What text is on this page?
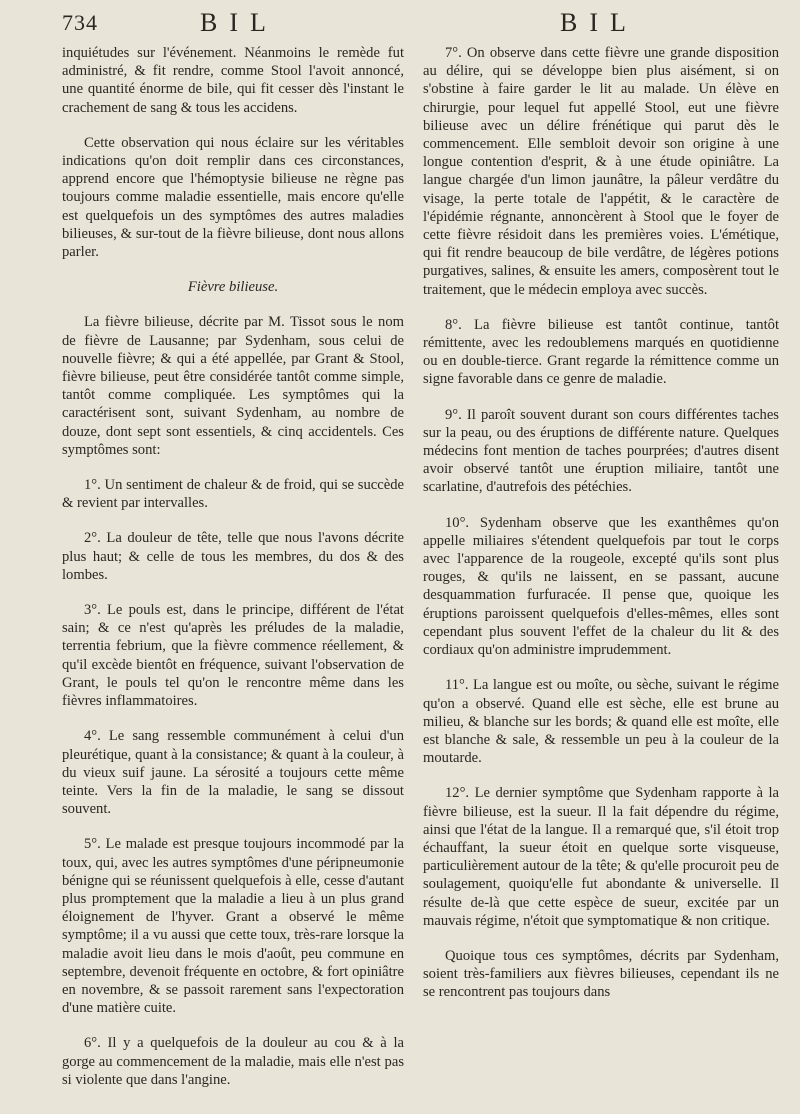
734	BIL	BIL

inquiétudes sur l'événement. Néanmoins le remède fut administré, & fit rendre, comme Stool l'avoit annoncé, une quantité énorme de bile, qui fit cesser dès l'instant le crachement de sang & tous les accidens.

Cette observation qui nous éclaire sur les véritables indications qu'on doit remplir dans ces circonstances, apprend encore que l'hémoptysie bilieuse ne règne pas toujours comme maladie essentielle, mais encore qu'elle est quelquefois un des symptômes des autres maladies bilieuses, & sur-tout de la fièvre bilieuse, dont nous allons parler.

Fièvre bilieuse.

La fièvre bilieuse, décrite par M. Tissot sous le nom de fièvre de Lausanne; par Sydenham, sous celui de nouvelle fièvre; & qui a été appellée, par Grant & Stool, fièvre bilieuse, peut être considérée tantôt comme simple, tantôt comme compliquée. Les symptômes qui la caractérisent sont, suivant Sydenham, au nombre de douze, dont sept sont essentiels, & cinq accidentels. Ces symptômes sont:

1°. Un sentiment de chaleur & de froid, qui se succède & revient par intervalles.

2°. La douleur de tête, telle que nous l'avons décrite plus haut; & celle de tous les membres, du dos & des lombes.

3°. Le pouls est, dans le principe, différent de l'état sain; & ce n'est qu'après les préludes de la maladie, terrentia febrium, que la fièvre commence réellement, & qu'il excède bientôt en fréquence, suivant l'observation de Grant, le pouls tel qu'on le rencontre même dans les fièvres inflammatoires.

4°. Le sang ressemble communément à celui d'un pleurétique, quant à la consistance; & quant à la couleur, à du vieux suif jaune. La sérosité a toujours cette même teinte. Vers la fin de la maladie, le sang se dissout souvent.

5°. Le malade est presque toujours incommodé par la toux, qui, avec les autres symptômes d'une péripneumonie bénigne qui se réunissent quelquefois à elle, cesse d'autant plus promptement que la maladie a lieu à un plus grand éloignement de l'hyver. Grant a observé le même symptôme; il a vu aussi que cette toux, très-rare lorsque la maladie avoit lieu dans le mois d'août, peu commune en septembre, devenoit fréquente en octobre, & fort opiniâtre en novembre, & se passoit rarement sans l'expectoration d'une matière cuite.

6°. Il y a quelquefois de la douleur au cou & à la gorge au commencement de la maladie, mais elle n'est pas si violente que dans l'angine.

7°. On observe dans cette fièvre une grande disposition au délire, qui se développe bien plus aisément, si on s'obstine à faire garder le lit au malade. Un élève en chirurgie, pour lequel fut appellé Stool, eut une fièvre bilieuse avec un délire frénétique qui parut dès le commencement. Elle sembloit devoir son origine à une longue contention d'esprit, & à une étude opiniâtre. La langue chargée d'un limon jaunâtre, la pâleur verdâtre du visage, la perte totale de l'appétit, & le caractère de l'épidémie régnante, annoncèrent à Stool que le foyer de cette fièvre résidoit dans les premières voies. L'émétique, qui fit rendre beaucoup de bile verdâtre, de légères potions purgatives, salines, & ensuite les amers, composèrent tout le traitement, que le médecin employa avec succès.

8°. La fièvre bilieuse est tantôt continue, tantôt rémittente, avec les redoublemens marqués en quotidienne ou en double-tierce. Grant regarde la rémittence comme un signe favorable dans ce genre de maladie.

9°. Il paroît souvent durant son cours différentes taches sur la peau, ou des éruptions de différente nature. Quelques médecins font mention de taches pourprées; d'autres disent avoir observé tantôt une éruption miliaire, tantôt une scarlatine, d'autrefois des pétéchies.

10°. Sydenham observe que les exanthêmes qu'on appelle miliaires s'étendent quelquefois par tout le corps avec l'apparence de la rougeole, excepté qu'ils sont plus rouges, & qu'ils ne laissent, en se passant, aucune desquammation furfuracée. Il pense que, quoique les éruptions paroissent quelquefois d'elles-mêmes, elles sont cependant plus souvent l'effet de la chaleur du lit & des cordiaux qu'on administre imprudemment.

11°. La langue est ou moîte, ou sèche, suivant le régime qu'on a observé. Quand elle est sèche, elle est brune au milieu, & blanche sur les bords; & quand elle est moîte, elle est blanche & sale, & ressemble un peu à la couleur de la moutarde.

12°. Le dernier symptôme que Sydenham rapporte à la fièvre bilieuse, est la sueur. Il la fait dépendre du régime, ainsi que l'état de la langue. Il a remarqué que, s'il étoit trop échauffant, la sueur étoit en quelque sorte visqueuse, particulièrement autour de la tête; & qu'elle procuroit peu de soulagement, quoiqu'elle fut abondante & universelle. Il résulte de-là que cette espèce de sueur, excitée par un mauvais régime, n'étoit que symptomatique & non critique.

Quoique tous ces symptômes, décrits par Sydenham, soient très-familiers aux fièvres bilieuses, cependant ils ne se rencontrent pas toujours dans
